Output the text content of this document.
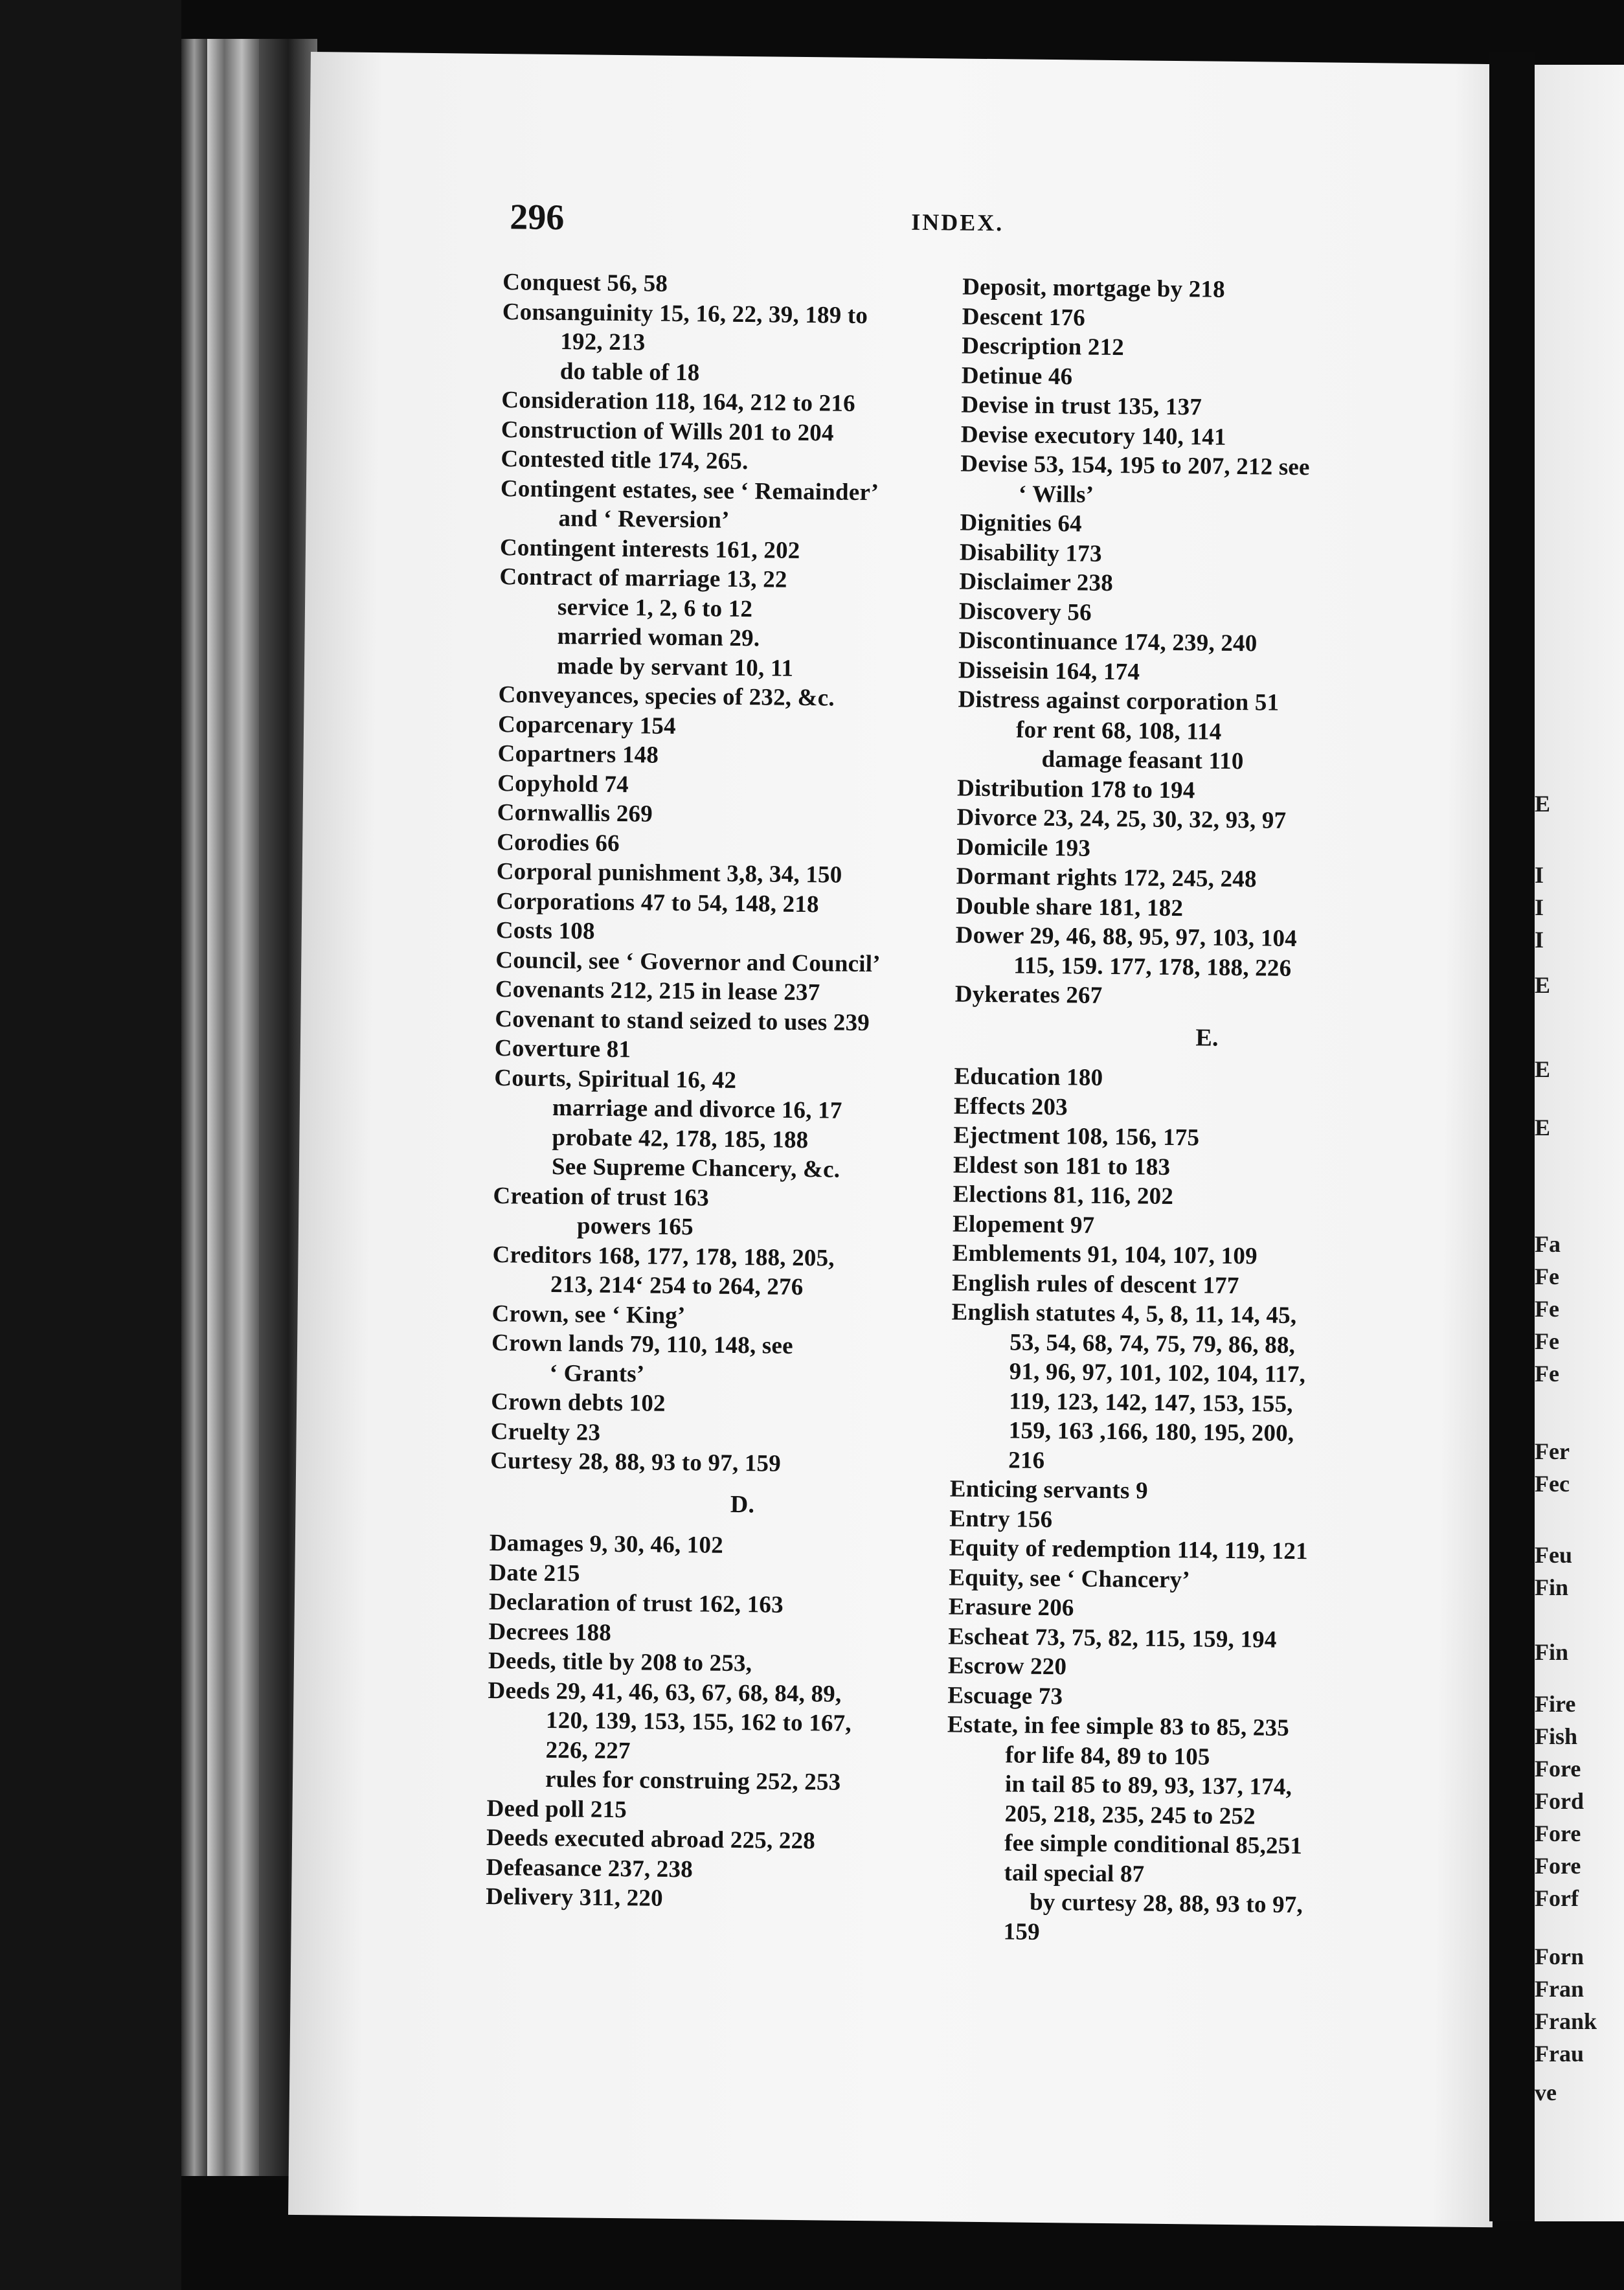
296	INDEX.
Conquest 56, 58
Consanguinity 15, 16, 22, 39, 189 to
192, 213
do table of 18
Consideration 118, 164, 212 to 216
Construction of Wills 201 to 204
Contested title 174, 265.
Contingent estates, see ‘ Remainder’
and ‘ Reversion’
Contingent interests 161, 202
Contract of marriage 13, 22
service 1, 2, 6 to 12
married woman 29.
made by servant 10, 11
Conveyances, species of 232, &c.
Coparcenary 154
Copartners 148
Copyhold 74
Cornwallis 269
Corodies 66
Corporal punishment 3,8, 34, 150
Corporations 47 to 54, 148, 218
Costs 108
Council, see ‘ Governor and Council’
Covenants 212, 215 in lease 237
Covenant to stand seized to uses 239
Coverture 81
Courts, Spiritual 16, 42
marriage and divorce 16, 17
probate 42, 178, 185, 188
See Supreme Chancery, &c.
Creation of trust 163
powers 165
Creditors 168, 177, 178, 188, 205,
213, 214‘ 254 to 264, 276
Crown, see ‘ King’
Crown lands 79, 110, 148, see
‘ Grants’
Crown debts 102
Cruelty 23
Curtesy 28, 88, 93 to 97, 159
D.
Damages 9, 30, 46, 102
Date 215
Declaration of trust 162, 163
Decrees 188
Deeds, title by 208 to 253,
Deeds 29, 41, 46, 63, 67, 68, 84, 89,
120, 139, 153, 155, 162 to 167,
226, 227
rules for construing 252, 253
Deed poll 215
Deeds executed abroad 225, 228
Defeasance 237, 238
Delivery 311, 220
Deposit, mortgage by 218
Descent 176
Description 212
Detinue 46
Devise in trust 135, 137
Devise executory 140, 141
Devise 53, 154, 195 to 207, 212 see
‘ Wills’
Dignities 64
Disability 173
Disclaimer 238
Discovery 56
Discontinuance 174, 239, 240
Disseisin 164, 174
Distress against corporation 51
for rent 68, 108, 114
damage feasant 110
Distribution 178 to 194
Divorce 23, 24, 25, 30, 32, 93, 97
Domicile 193
Dormant rights 172, 245, 248
Double share 181, 182
Dower 29, 46, 88, 95, 97, 103, 104
115, 159. 177, 178, 188, 226
Dykerates 267
E.
Education 180
Effects 203
Ejectment 108, 156, 175
Eldest son 181 to 183
Elections 81, 116, 202
Elopement 97
Emblements 91, 104, 107, 109
English rules of descent 177
English statutes 4, 5, 8, 11, 14, 45,
53, 54, 68, 74, 75, 79, 86, 88,
91, 96, 97, 101, 102, 104, 117,
119, 123, 142, 147, 153, 155,
159, 163 ,166, 180, 195, 200,
216
Enticing servants 9
Entry 156
Equity of redemption 114, 119, 121
Equity, see ‘ Chancery’
Erasure 206
Escheat 73, 75, 82, 115, 159, 194
Escrow 220
Escuage 73
Estate, in fee simple 83 to 85, 235
for life 84, 89 to 105
in tail 85 to 89, 93, 137, 174,
205, 218, 235, 245 to 252
fee simple conditional 85,251
tail special 87
by curtesy 28, 88, 93 to 97,
159
E
I
I
I
E
E
E
Fa
Fe
Fe
Fe
Fe
Fer
Fec
Feu
Fin
Fin
Fire
Fish
Fore
Ford
Fore
Fore
Forf
Forn
Fran
Frank
Frau
ve
